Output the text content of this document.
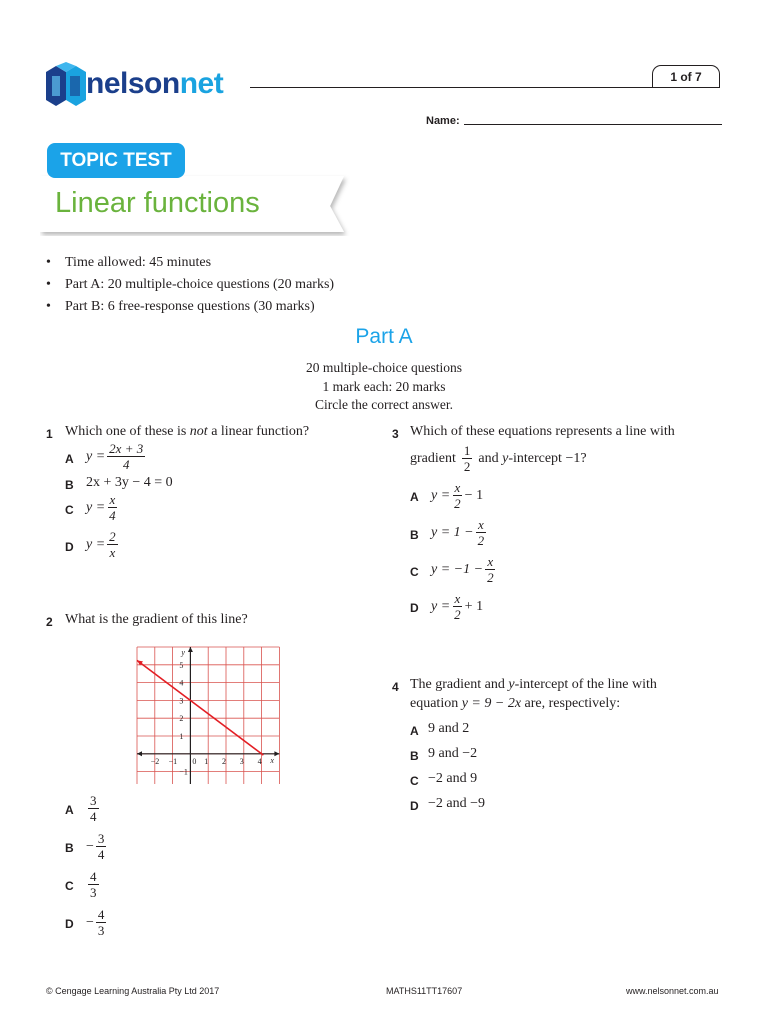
nelsonnet	1 of 7
Name:
TOPIC TEST
Linear functions
• Time allowed: 45 minutes
• Part A: 20 multiple-choice questions (20 marks)
• Part B: 6 free-response questions (30 marks)
Part A
20 multiple-choice questions
1 mark each: 20 marks
Circle the correct answer.
1 Which one of these is not a linear function?
A $y = \frac{2x + 3}{4}$
B 2x + 3y − 4 = 0
C $y = \frac{x}{4}$
D $y = \frac{2}{x}$
2 What is the gradient of this line?
−2 −1	1 2 3 4
5
4
3
2
1
−1
0	x
y
A $\frac{3}{4}$
$B - \frac{3}{4}$
C $\frac{4}{3}$
$D - \frac{4}{3}$
3 Which of these equations represents a line with
gradient $\frac{1}{2}$ and
y -intercept −1?
A $y = \frac{x}{2} - 1$
B $y = 1 - \frac{x}{2}$
C $y = -1 - \frac{x}{2}$
D $y = \frac{x}{2} + 1$
4 The gradient and y-intercept of the line with
equation y = 9 − 2x are, respectively:
A 9 and 2
B 9 and −2
C −2 and 9
D −2 and −9
© Cengage Learning Australia Pty Ltd 2017	MATHS11TT17607	www.nelsonnet.com.au
